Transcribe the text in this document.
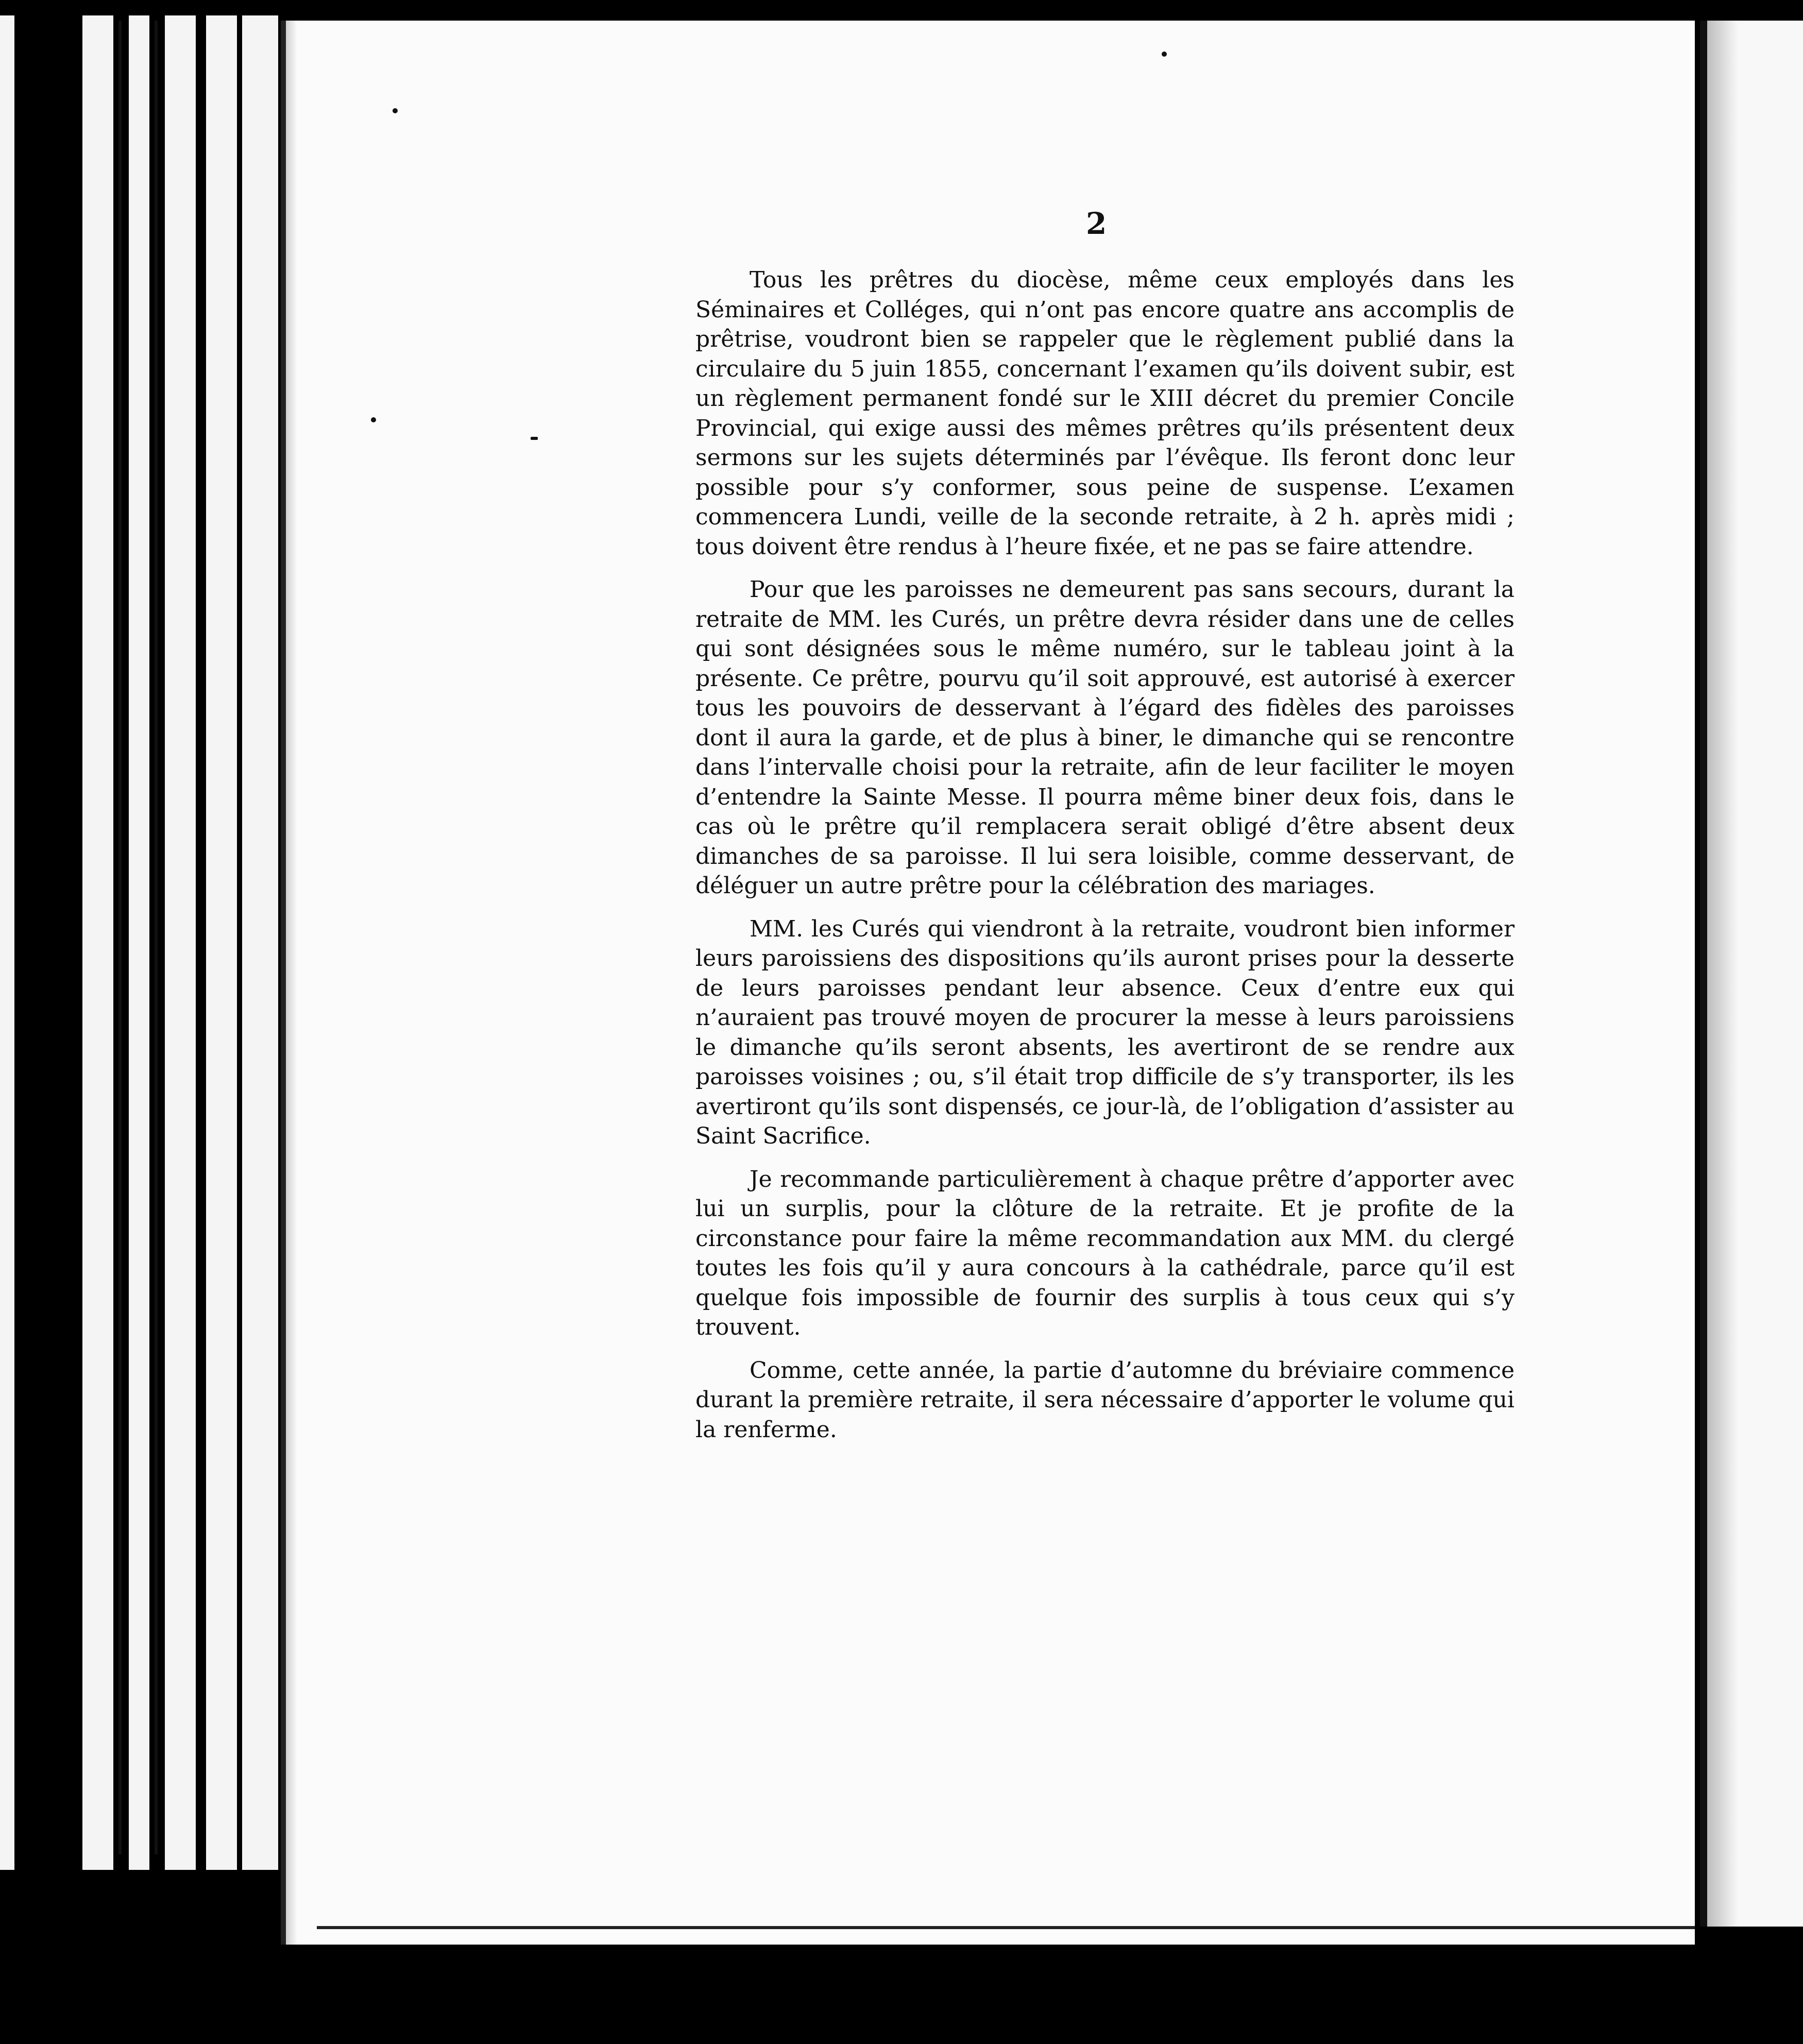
2

Tous les prêtres du diocèse, même ceux employés dans les Séminaires et Colléges, qui n’ont pas encore quatre ans accomplis de prêtrise, voudront bien se rappeler que le règlement publié dans la circulaire du 5 juin 1855, concernant l’examen qu’ils doivent subir, est un règlement permanent fondé sur le XIII décret du premier Concile Provincial, qui exige aussi des mêmes prêtres qu’ils présentent deux sermons sur les sujets déterminés par l’évêque. Ils feront donc leur possible pour s’y conformer, sous peine de suspense. L’examen commencera Lundi, veille de la seconde retraite, à 2 h. après midi ; tous doivent être rendus à l’heure fixée, et ne pas se faire attendre.

Pour que les paroisses ne demeurent pas sans secours, durant la retraite de MM. les Curés, un prêtre devra résider dans une de celles qui sont désignées sous le même numéro, sur le tableau joint à la présente. Ce prêtre, pourvu qu’il soit approuvé, est autorisé à exercer tous les pouvoirs de desservant à l’égard des fidèles des paroisses dont il aura la garde, et de plus à biner, le dimanche qui se rencontre dans l’intervalle choisi pour la retraite, afin de leur faciliter le moyen d’entendre la Sainte Messe. Il pourra même biner deux fois, dans le cas où le prêtre qu’il remplacera serait obligé d’être absent deux dimanches de sa paroisse. Il lui sera loisible, comme desservant, de déléguer un autre prêtre pour la célébration des mariages.

MM. les Curés qui viendront à la retraite, voudront bien informer leurs paroissiens des dispositions qu’ils auront prises pour la desserte de leurs paroisses pendant leur absence. Ceux d’entre eux qui n’auraient pas trouvé moyen de procurer la messe à leurs paroissiens le dimanche qu’ils seront absents, les avertiront de se rendre aux paroisses voisines ; ou, s’il était trop difficile de s’y transporter, ils les avertiront qu’ils sont dispensés, ce jour-là, de l’obligation d’assister au Saint Sacrifice.

Je recommande particulièrement à chaque prêtre d’apporter avec lui un surplis, pour la clôture de la retraite. Et je profite de la circonstance pour faire la même recommandation aux MM. du clergé toutes les fois qu’il y aura concours à la cathédrale, parce qu’il est quelque fois impossible de fournir des surplis à tous ceux qui s’y trouvent.

Comme, cette année, la partie d’automne du bréviaire commence durant la première retraite, il sera nécessaire d’apporter le volume qui la renferme.
